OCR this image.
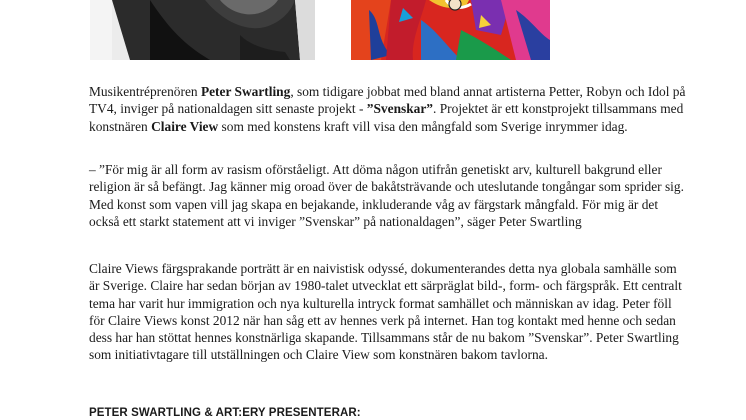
Musikentréprenören Peter Swartling, som tidigare jobbat med bland annat artisterna Petter, Robyn och Idol på TV4, inviger på nationaldagen sitt senaste projekt - ”Svenskar”. Projektet är ett konstprojekt tillsammans med konstnären Claire View som med konstens kraft vill visa den mångfald som Sverige inrymmer idag.
– ”För mig är all form av rasism oförståeligt. Att döma någon utifrån genetiskt arv, kulturell bakgrund eller religion är så befängt. Jag känner mig oroad över de bakåtsträvande och uteslutande tongångar som sprider sig. Med konst som vapen vill jag skapa en bejakande, inkluderande våg av färgstark mångfald. För mig är det också ett starkt statement att vi inviger ”Svenskar” på nationaldagen”, säger Peter Swartling
Claire Views färgsprakande porträtt är en naivistisk odyssé, dokumenterandes detta nya globala samhälle som är Sverige. Claire har sedan början av 1980-talet utvecklat ett särpräglat bild-, form- och färgspråk. Ett centralt tema har varit hur immigration och nya kulturella intryck format samhället och människan av idag. Peter föll för Claire Views konst 2012 när han såg ett av hennes verk på internet. Han tog kontakt med henne och sedan dess har han stöttat hennes konstnärliga skapande. Tillsammans står de nu bakom ”Svenskar”. Peter Swartling som initiativtagare till utställningen och Claire View som konstnären bakom tavlorna.
PETER SWARTLING & ART:ERY PRESENTERAR:
